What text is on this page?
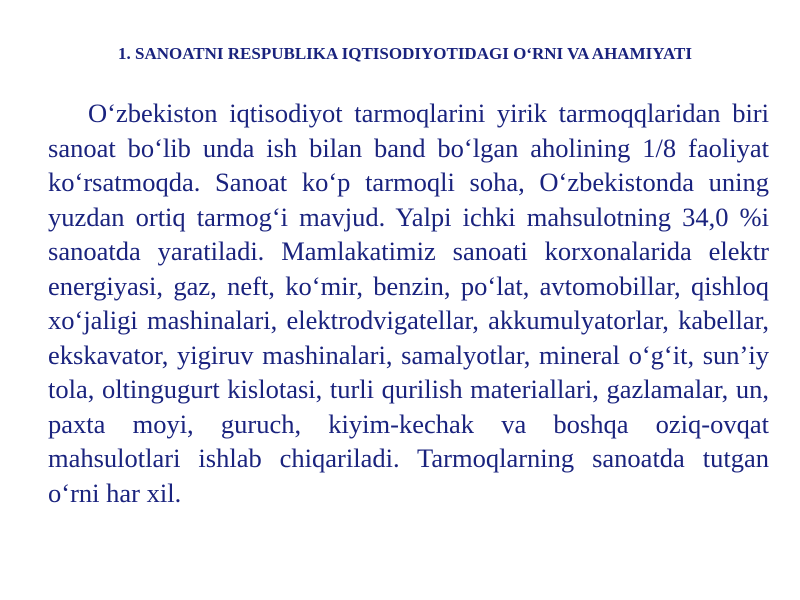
1. SANOATNI RESPUBLIKA IQTISODIYOTIDAGI O‘RNI VA AHAMIYATI

O‘zbekiston iqtisodiyot tarmoqlarini yirik tarmoqqlaridan biri sanoat bo‘lib unda ish bilan band bo‘lgan aholining 1/8 faoliyat ko‘rsatmoqda. Sanoat ko‘p tarmoqli soha, O‘zbekistonda uning yuzdan ortiq tarmog‘i mavjud. Yalpi ichki mahsulotning 34,0 %i sanoatda yaratiladi. Mamlakatimiz sanoati korxonalarida elektr energiyasi, gaz, neft, ko‘mir, benzin, po‘lat, avtomobillar, qishloq xo‘jaligi mashinalari, elektrodvigatellar, akkumulyatorlar, kabellar, ekskavator, yigiruv mashinalari, samalyotlar, mineral o‘g‘it, sun’iy tola, oltingugurt kislotasi, turli qurilish materiallari, gazlamalar, un, paxta moyi, guruch, kiyim-kechak va boshqa oziq-ovqat mahsulotlari ishlab chiqariladi. Tarmoqlarning sanoatda tutgan o‘rni har xil.
